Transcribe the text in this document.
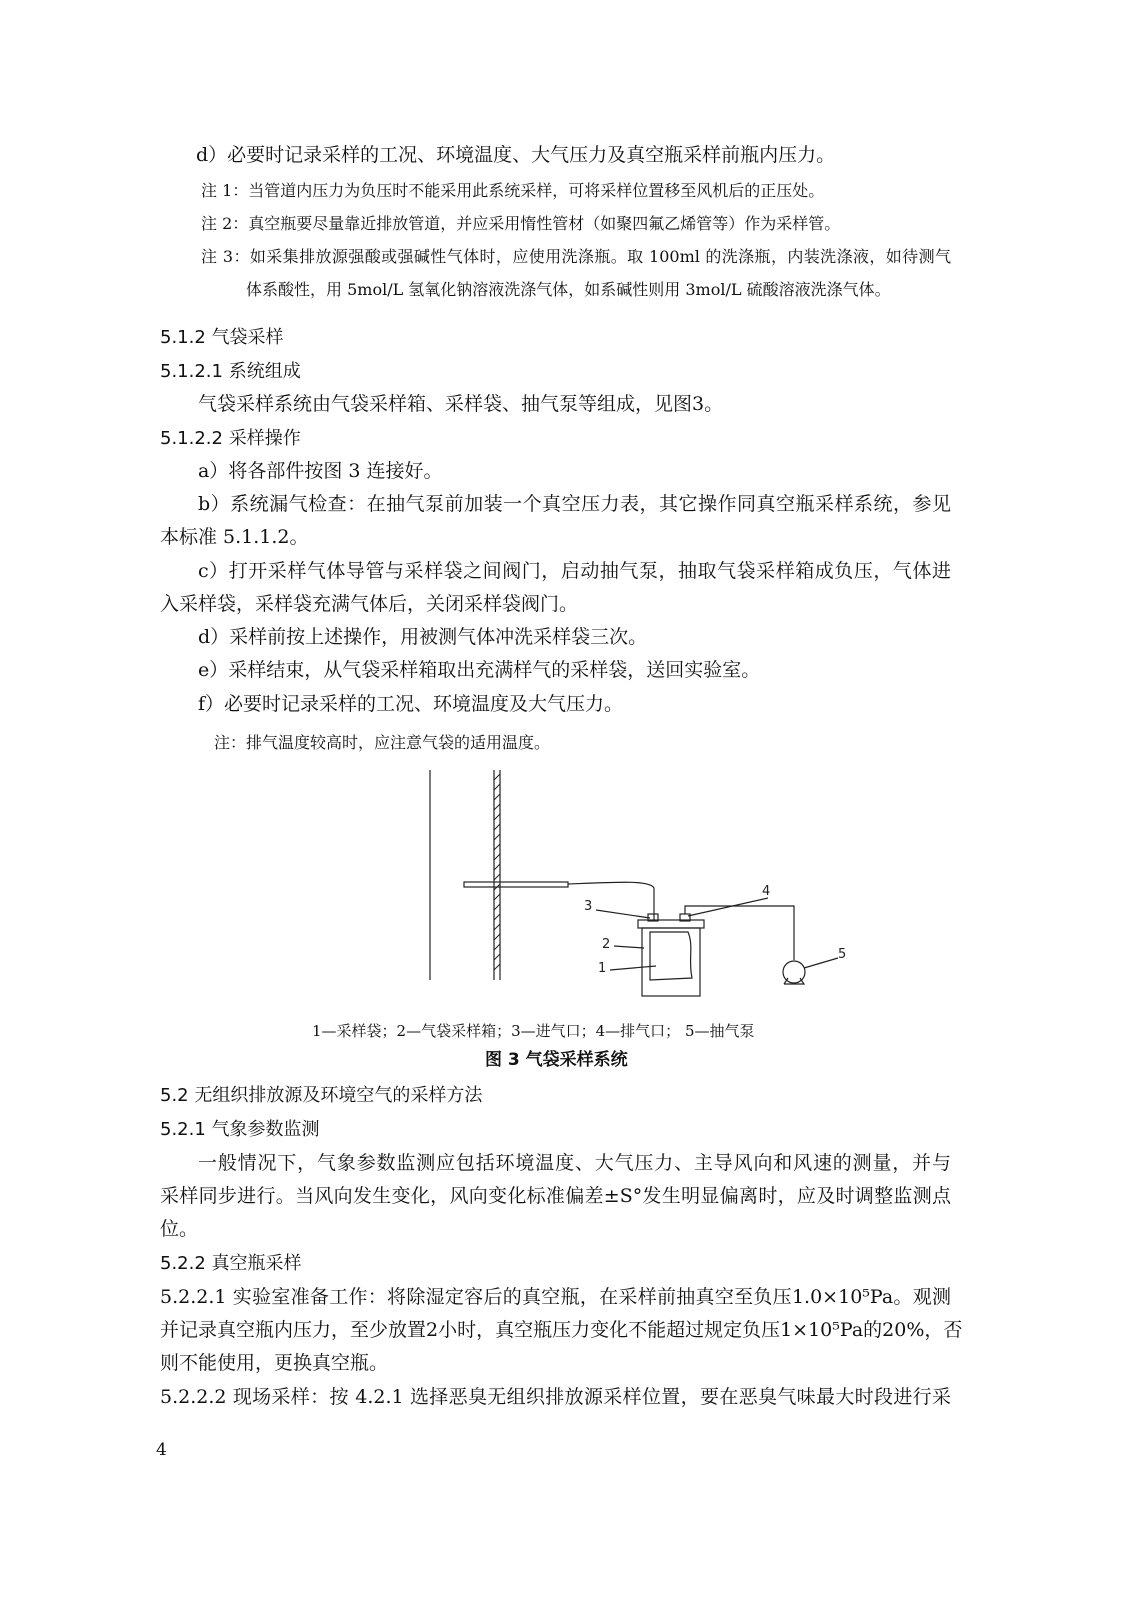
d）必要时记录采样的工况、环境温度、大气压力及真空瓶采样前瓶内压力。
注 1：当管道内压力为负压时不能采用此系统采样，可将采样位置移至风机后的正压处。
注 2：真空瓶要尽量靠近排放管道，并应采用惰性管材（如聚四氟乙烯管等）作为采样管。
注 3：如采集排放源强酸或强碱性气体时，应使用洗涤瓶。取 100ml 的洗涤瓶，内装洗涤液，如待测气
体系酸性，用 5mol/L 氢氧化钠溶液洗涤气体，如系碱性则用 3mol/L 硫酸溶液洗涤气体。
5.1.2 气袋采样
5.1.2.1 系统组成
气袋采样系统由气袋采样箱、采样袋、抽气泵等组成，见图3。
5.1.2.2 采样操作
a）将各部件按图 3 连接好。
b）系统漏气检查：在抽气泵前加装一个真空压力表，其它操作同真空瓶采样系统，参见
本标准 5.1.1.2。
c）打开采样气体导管与采样袋之间阀门，启动抽气泵，抽取气袋采样箱成负压，气体进
入采样袋，采样袋充满气体后，关闭采样袋阀门。
d）采样前按上述操作，用被测气体冲洗采样袋三次。
e）采样结束，从气袋采样箱取出充满样气的采样袋，送回实验室。
f）必要时记录采样的工况、环境温度及大气压力。
注：排气温度较高时，应注意气袋的适用温度。
1
2
3
4
5
1—采样袋；2—气袋采样箱；3—进气口；4—排气口； 5—抽气泵
图 3 气袋采样系统
5.2 无组织排放源及环境空气的采样方法
5.2.1 气象参数监测
一般情况下，气象参数监测应包括环境温度、大气压力、主导风向和风速的测量，并与
采样同步进行。当风向发生变化，风向变化标准偏差±S°发生明显偏离时，应及时调整监测点
位。
5.2.2 真空瓶采样
5.2.2.1 实验室准备工作：将除湿定容后的真空瓶，在采样前抽真空至负压1.0×10⁵Pa。观测
并记录真空瓶内压力，至少放置2小时，真空瓶压力变化不能超过规定负压1×10⁵Pa的20%，否
则不能使用，更换真空瓶。
5.2.2.2 现场采样：按 4.2.1 选择恶臭无组织排放源采样位置，要在恶臭气味最大时段进行采
4
